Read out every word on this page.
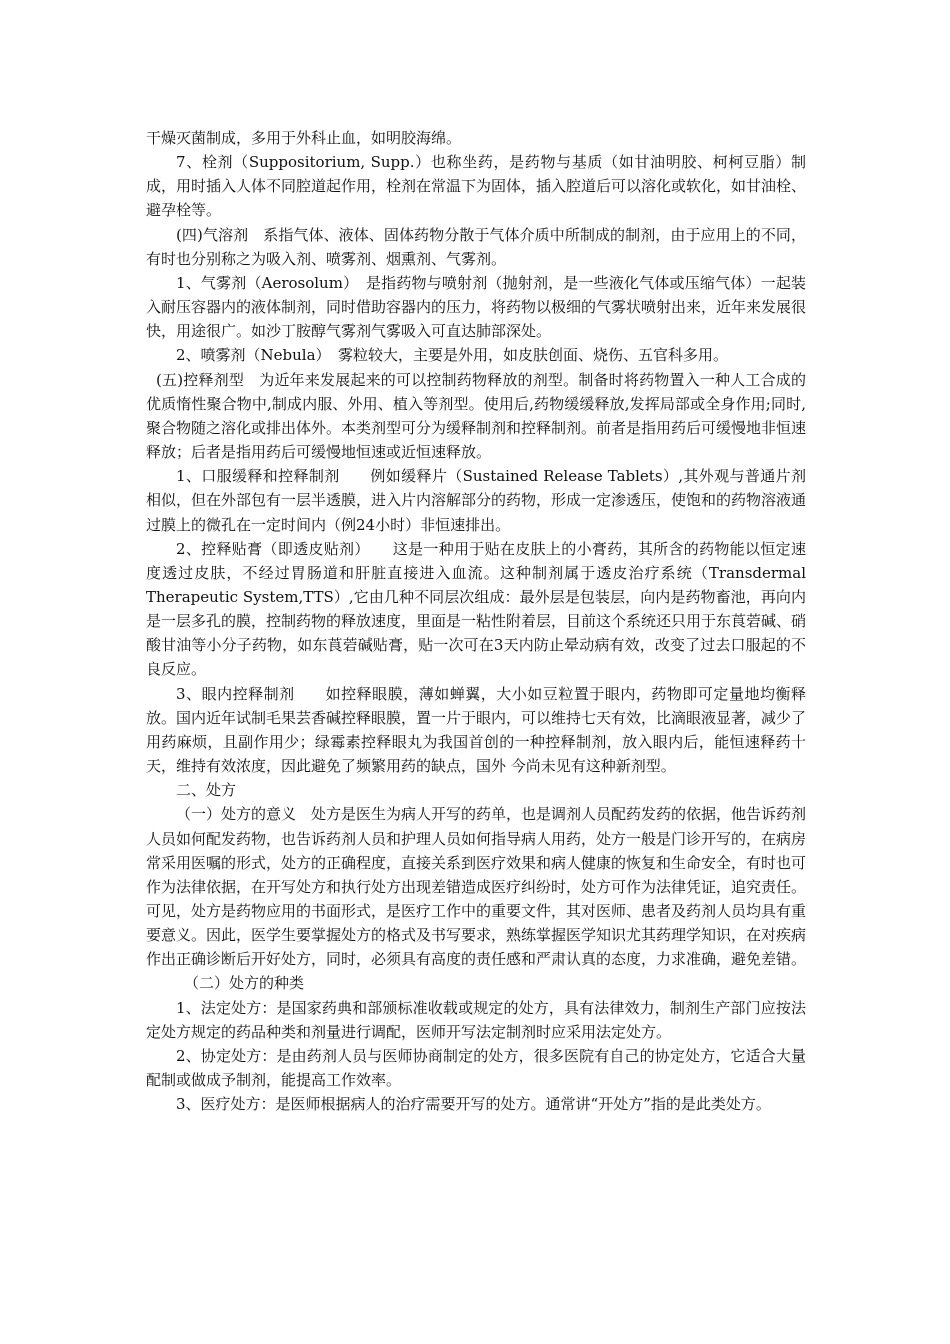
干燥灭菌制成，多用于外科止血，如明胶海绵。

7、栓剂（Suppositorium, Supp.）也称坐药，是药物与基质（如甘油明胶、柯柯豆脂）制成，用时插入人体不同腔道起作用，栓剂在常温下为固体，插入腔道后可以溶化或软化，如甘油栓、避孕栓等。

(四)气溶剂　系指气体、液体、固体药物分散于气体介质中所制成的制剂，由于应用上的不同，有时也分别称之为吸入剂、喷雾剂、烟熏剂、气雾剂。

1、气雾剂（Aerosolum）　是指药物与喷射剂（抛射剂，是一些液化气体或压缩气体）一起装入耐压容器内的液体制剂，同时借助容器内的压力，将药物以极细的气雾状喷射出来，近年来发展很快，用途很广。如沙丁胺醇气雾剂气雾吸入可直达肺部深处。

2、喷雾剂（Nebula）　雾粒较大，主要是外用，如皮肤创面、烧伤、五官科多用。

(五)控释剂型　为近年来发展起来的可以控制药物释放的剂型。制备时将药物置入一种人工合成的优质惰性聚合物中,制成内服、外用、植入等剂型。使用后,药物缓缓释放,发挥局部或全身作用;同时, 聚合物随之溶化或排出体外。本类剂型可分为缓释制剂和控释制剂。前者是指用药后可缓慢地非恒速释放；后者是指用药后可缓慢地恒速或近恒速释放。

1、口服缓释和控释制剂　　例如缓释片（Sustained Release Tablets）,其外观与普通片剂相似，但在外部包有一层半透膜，进入片内溶解部分的药物，形成一定渗透压，使饱和的药物溶液通过膜上的微孔在一定时间内（例24小时）非恒速排出。

2、控释贴膏（即透皮贴剂）　　这是一种用于贴在皮肤上的小膏药，其所含的药物能以恒定速度透过皮肤，不经过胃肠道和肝脏直接进入血流。这种制剂属于透皮治疗系统（Transdermal Therapeutic System,TTS）,它由几种不同层次组成：最外层是包装层，向内是药物畜池，再向内是一层多孔的膜，控制药物的释放速度，里面是一粘性附着层，目前这个系统还只用于东莨菪碱、硝酸甘油等小分子药物，如东莨菪碱贴膏，贴一次可在3天内防止晕动病有效，改变了过去口服起的不良反应。

3、眼内控释制剂　　如控释眼膜，薄如蝉翼，大小如豆粒置于眼内，药物即可定量地均衡释放。国内近年试制毛果芸香碱控释眼膜，置一片于眼内，可以维持七天有效，比滴眼液显著，减少了用药麻烦，且副作用少；绿霉素控释眼丸为我国首创的一种控释制剂，放入眼内后，能恒速释药十天，维持有效浓度，因此避免了频繁用药的缺点，国外 今尚未见有这种新剂型。

二、处方

（一）处方的意义　处方是医生为病人开写的药单，也是调剂人员配药发药的依据，他告诉药剂人员如何配发药物，也告诉药剂人员和护理人员如何指导病人用药，处方一般是门诊开写的，在病房常采用医嘱的形式，处方的正确程度，直接关系到医疗效果和病人健康的恢复和生命安全，有时也可作为法律依据，在开写处方和执行处方出现差错造成医疗纠纷时，处方可作为法律凭证，追究责任。可见，处方是药物应用的书面形式，是医疗工作中的重要文件，其对医师、患者及药剂人员均具有重要意义。因此，医学生要掌握处方的格式及书写要求，熟练掌握医学知识尤其药理学知识，在对疾病作出正确诊断后开好处方，同时，必须具有高度的责任感和严肃认真的态度，力求准确，避免差错。

（二）处方的种类

1、法定处方：是国家药典和部颁标准收载或规定的处方，具有法律效力，制剂生产部门应按法定处方规定的药品种类和剂量进行调配，医师开写法定制剂时应采用法定处方。

2、协定处方：是由药剂人员与医师协商制定的处方，很多医院有自己的协定处方，它适合大量配制或做成予制剂，能提高工作效率。

3、医疗处方：是医师根据病人的治疗需要开写的处方。通常讲“开处方”指的是此类处方。
